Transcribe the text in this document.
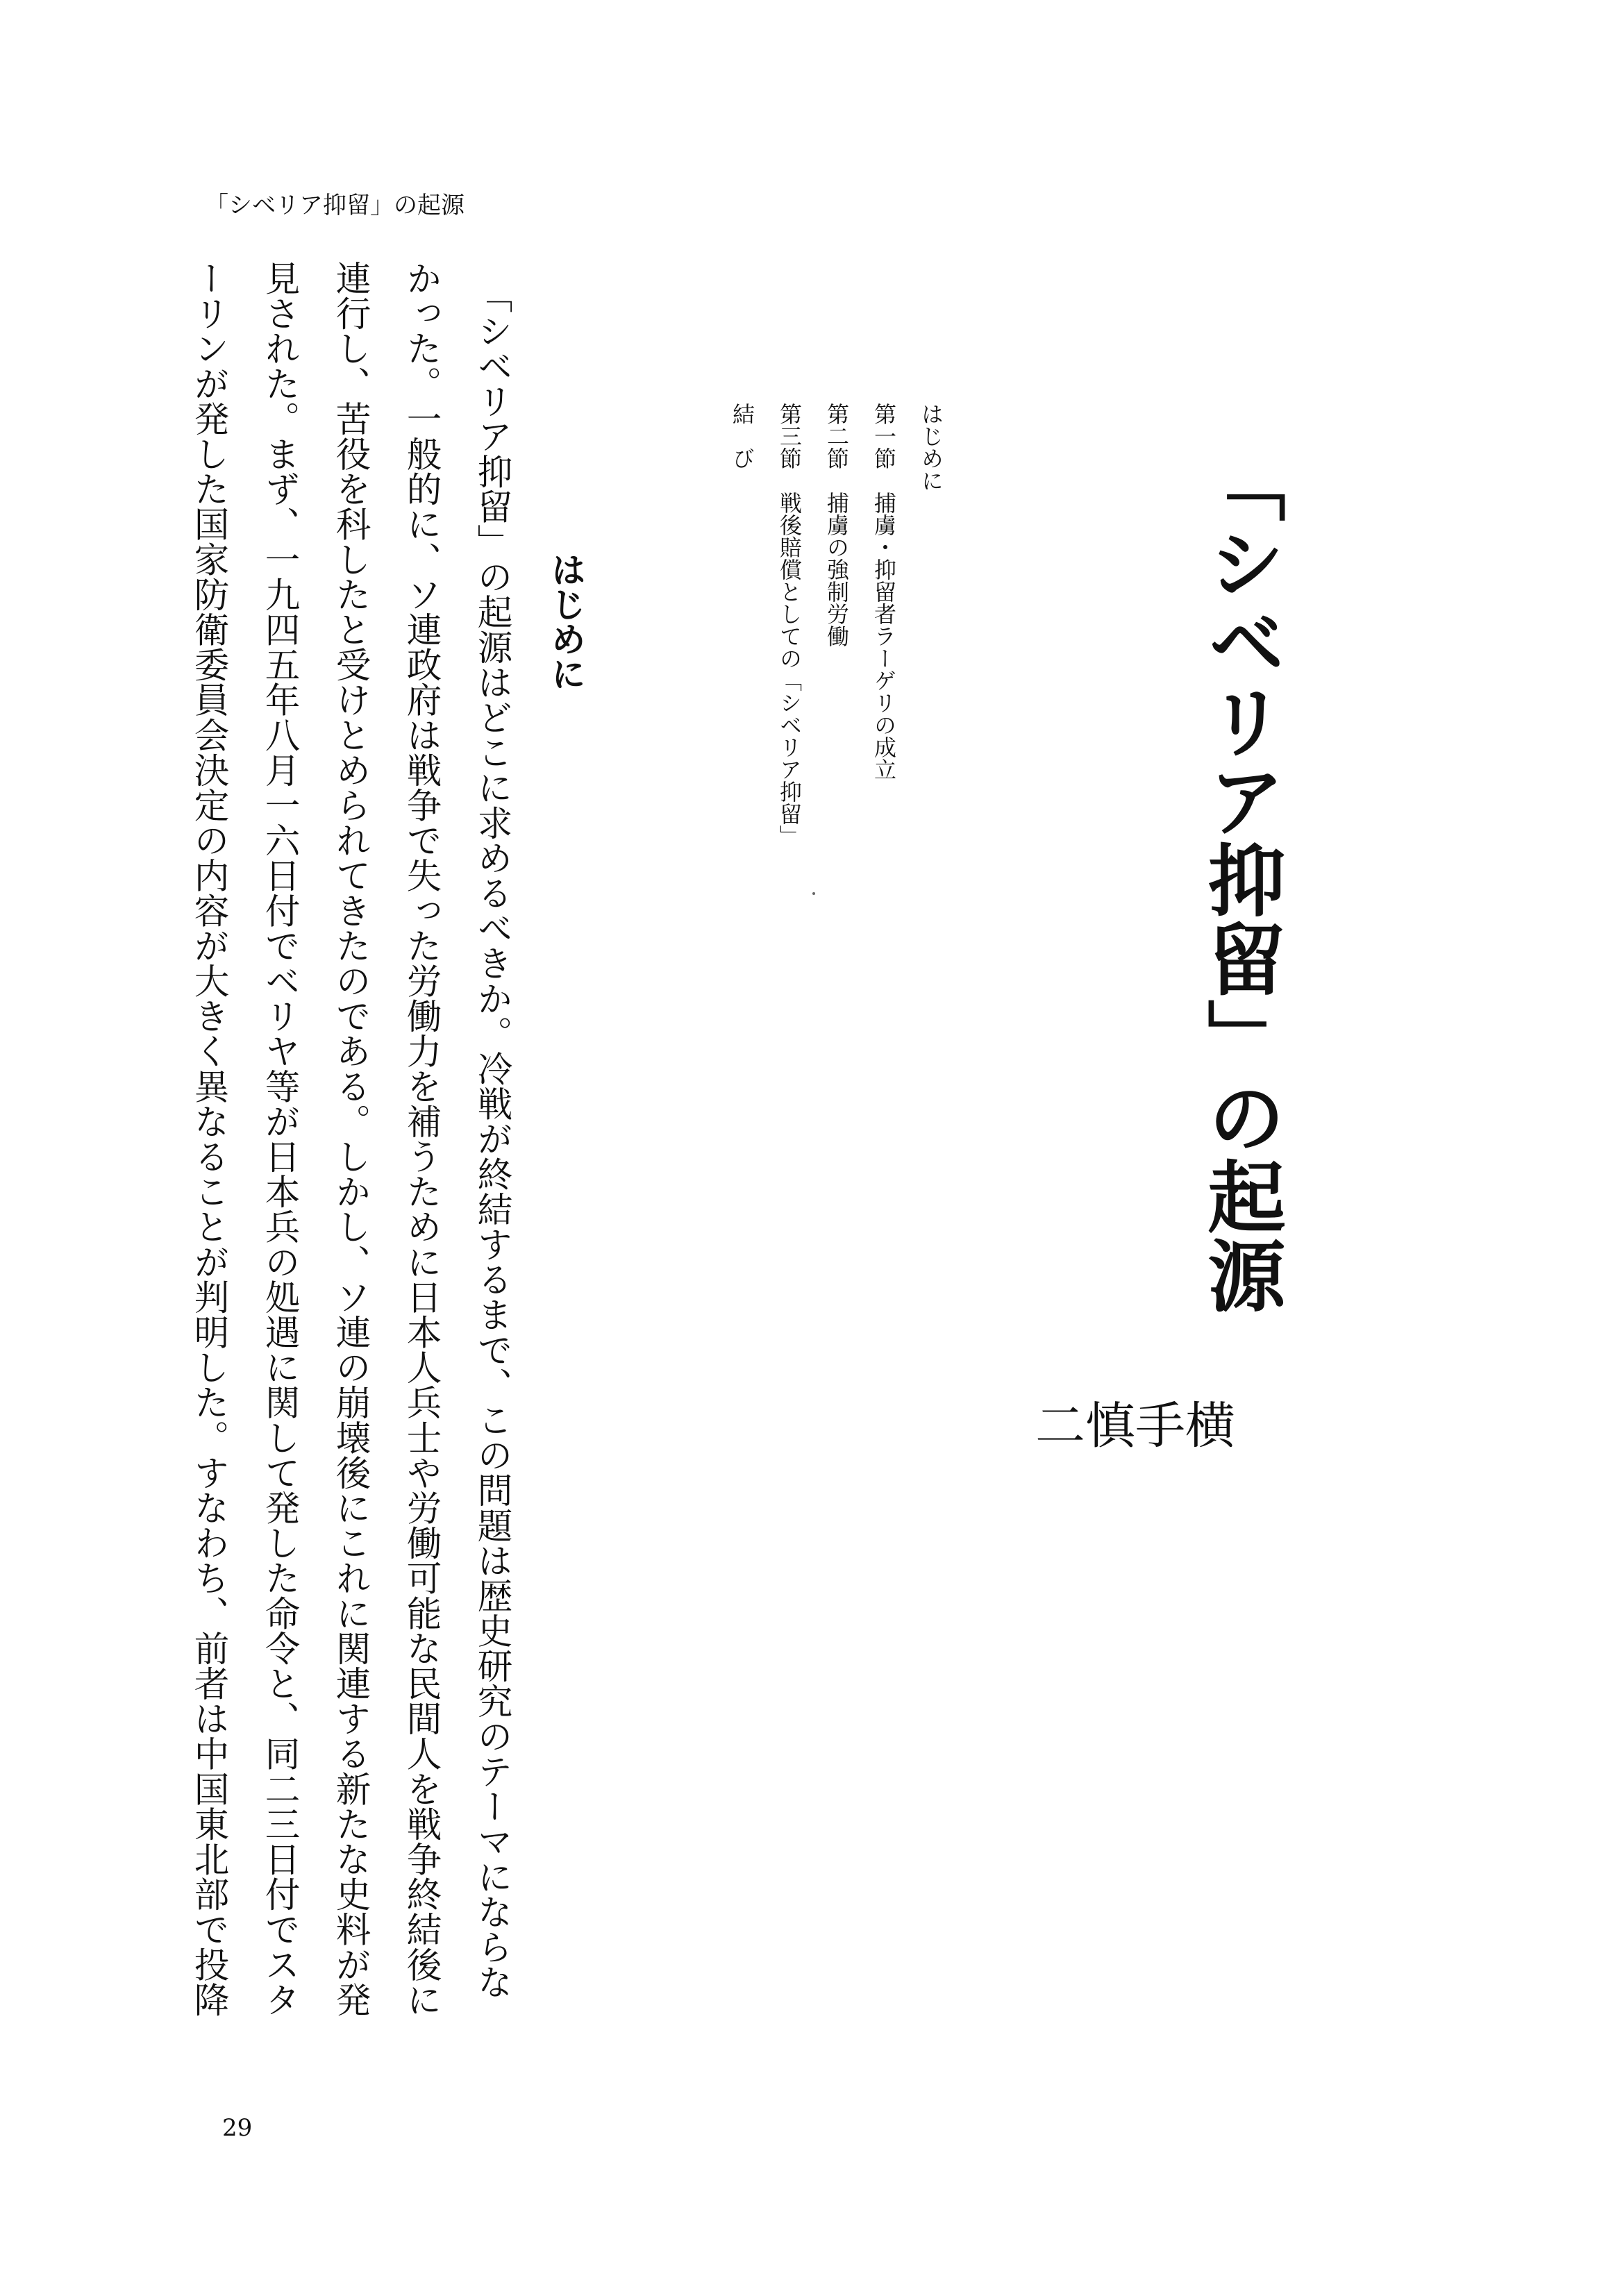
「シベリア抑留」の起源
「シベリア抑留」の起源
横
手
慎
二
はじめに
第一節　捕虜・抑留者ラーゲリの成立
第二節　捕虜の強制労働
第三節　戦後賠償としての「シベリア抑留」
結　び
はじめに
　「シベリア抑留」の起源はどこに求めるべきか。冷戦が終結するまで、この問題は歴史研究のテーマにならな
かった。一般的に、ソ連政府は戦争で失った労働力を補うために日本人兵士や労働可能な民間人を戦争終結後に
連行し、苦役を科したと受けとめられてきたのである。しかし、ソ連の崩壊後にこれに関連する新たな史料が発
見された。まず、一九四五年八月一六日付でベリヤ等が日本兵の処遇に関して発した命令と、同二三日付でスタ
ーリンが発した国家防衛委員会決定の内容が大きく異なることが判明した。すなわち、前者は中国東北部で投降
29
